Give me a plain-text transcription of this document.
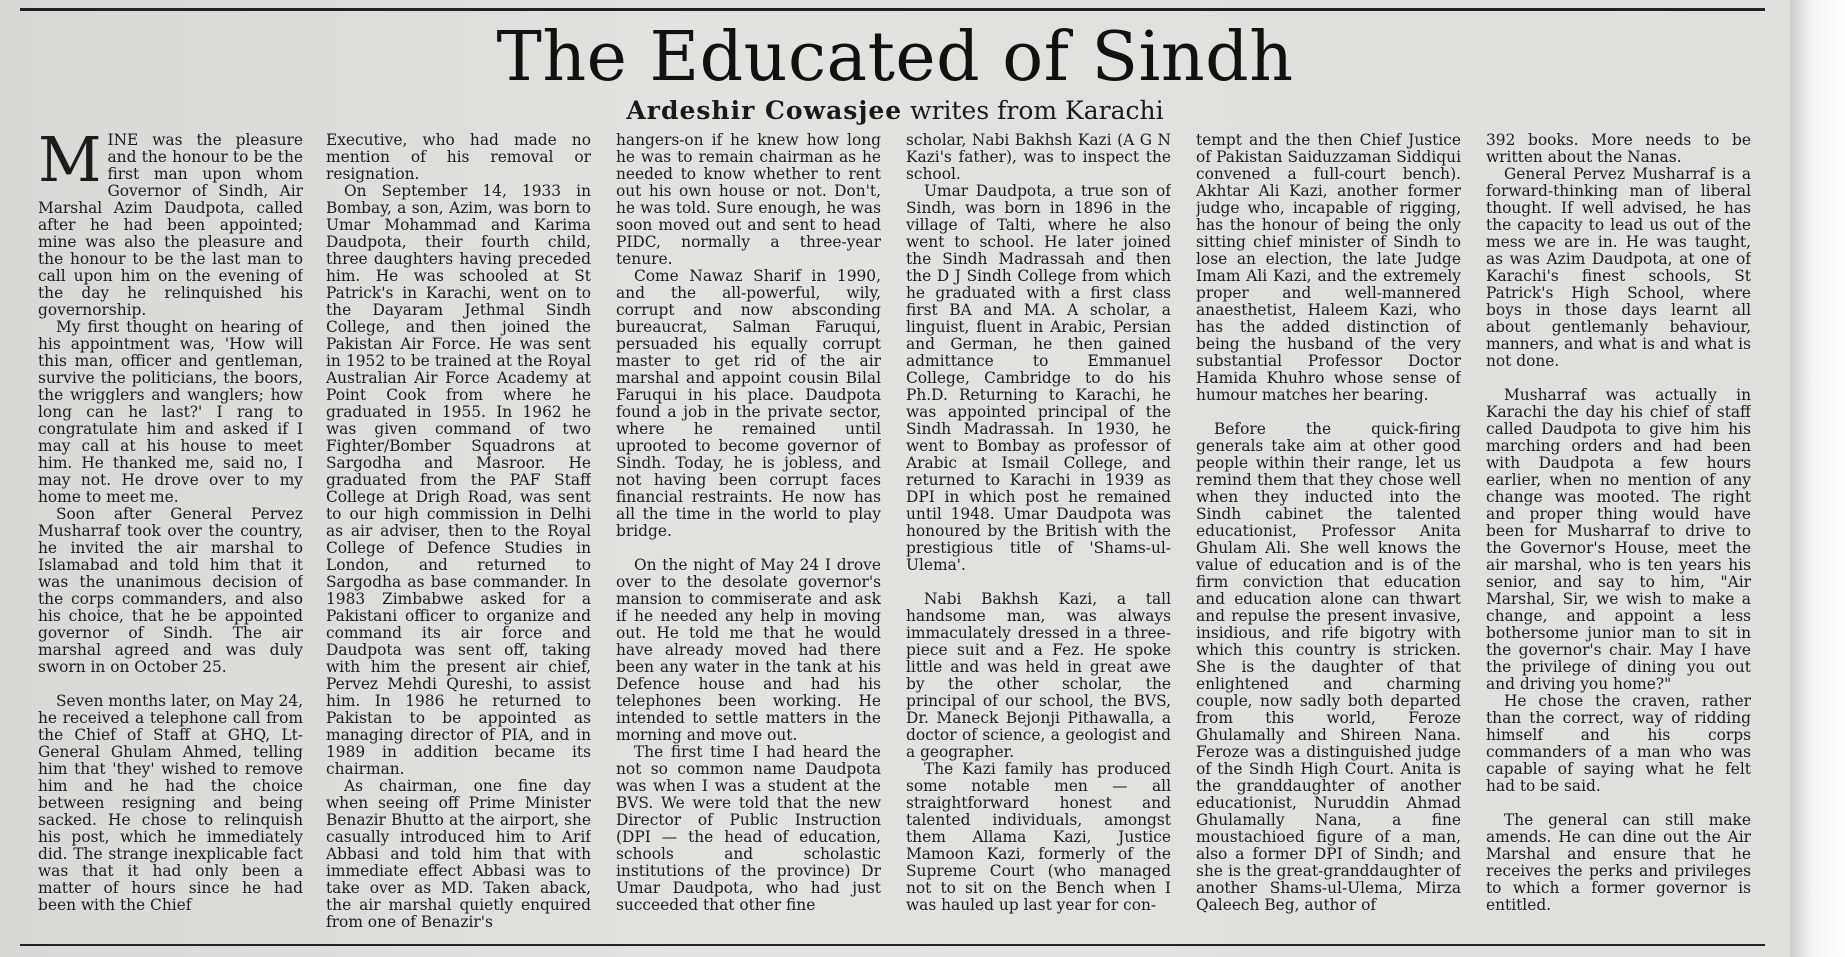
The Educated of Sindh
Ardeshir Cowasjee writes from Karachi

MINE was the pleasure and the honour to be the first man upon whom Governor of Sindh, Air Marshal Azim Daudpota, called after he had been appointed; mine was also the pleasure and the honour to be the last man to call upon him on the evening of the day he relinquished his governorship.

My first thought on hearing of his appointment was, 'How will this man, officer and gentleman, survive the politicians, the boors, the wrigglers and wanglers; how long can he last?' I rang to congratulate him and asked if I may call at his house to meet him. He thanked me, said no, I may not. He drove over to my home to meet me.

Soon after General Pervez Musharraf took over the country, he invited the air marshal to Islamabad and told him that it was the unanimous decision of the corps commanders, and also his choice, that he be appointed governor of Sindh. The air marshal agreed and was duly sworn in on October 25.

Seven months later, on May 24, he received a telephone call from the Chief of Staff at GHQ, Lt-General Ghulam Ahmed, telling him that 'they' wished to remove him and he had the choice between resigning and being sacked. He chose to relinquish his post, which he immediately did. The strange inexplicable fact was that it had only been a matter of hours since he had been with the Chief

Executive, who had made no mention of his removal or resignation.

On September 14, 1933 in Bombay, a son, Azim, was born to Umar Mohammad and Karima Daudpota, their fourth child, three daughters having preceded him. He was schooled at St Patrick's in Karachi, went on to the Dayaram Jethmal Sindh College, and then joined the Pakistan Air Force. He was sent in 1952 to be trained at the Royal Australian Air Force Academy at Point Cook from where he graduated in 1955. In 1962 he was given command of two Fighter/Bomber Squadrons at Sargodha and Masroor. He graduated from the PAF Staff College at Drigh Road, was sent to our high commission in Delhi as air adviser, then to the Royal College of Defence Studies in London, and returned to Sargodha as base commander. In 1983 Zimbabwe asked for a Pakistani officer to organize and command its air force and Daudpota was sent off, taking with him the present air chief, Pervez Mehdi Qureshi, to assist him. In 1986 he returned to Pakistan to be appointed as managing director of PIA, and in 1989 in addition became its chairman.

As chairman, one fine day when seeing off Prime Minister Benazir Bhutto at the airport, she casually introduced him to Arif Abbasi and told him that with immediate effect Abbasi was to take over as MD. Taken aback, the air marshal quietly enquired from one of Benazir's

hangers-on if he knew how long he was to remain chairman as he needed to know whether to rent out his own house or not. Don't, he was told. Sure enough, he was soon moved out and sent to head PIDC, normally a three-year tenure.

Come Nawaz Sharif in 1990, and the all-powerful, wily, corrupt and now absconding bureaucrat, Salman Faruqui, persuaded his equally corrupt master to get rid of the air marshal and appoint cousin Bilal Faruqui in his place. Daudpota found a job in the private sector, where he remained until uprooted to become governor of Sindh. Today, he is jobless, and not having been corrupt faces financial restraints. He now has all the time in the world to play bridge.

On the night of May 24 I drove over to the desolate governor's mansion to commiserate and ask if he needed any help in moving out. He told me that he would have already moved had there been any water in the tank at his Defence house and had his telephones been working. He intended to settle matters in the morning and move out.

The first time I had heard the not so common name Daudpota was when I was a student at the BVS. We were told that the new Director of Public Instruction (DPI — the head of education, schools and scholastic institutions of the province) Dr Umar Daudpota, who had just succeeded that other fine

scholar, Nabi Bakhsh Kazi (A G N Kazi's father), was to inspect the school.

Umar Daudpota, a true son of Sindh, was born in 1896 in the village of Talti, where he also went to school. He later joined the Sindh Madrassah and then the D J Sindh College from which he graduated with a first class first BA and MA. A scholar, a linguist, fluent in Arabic, Persian and German, he then gained admittance to Emmanuel College, Cambridge to do his Ph.D. Returning to Karachi, he was appointed principal of the Sindh Madrassah. In 1930, he went to Bombay as professor of Arabic at Ismail College, and returned to Karachi in 1939 as DPI in which post he remained until 1948. Umar Daudpota was honoured by the British with the prestigious title of 'Shams-ul-Ulema'.

Nabi Bakhsh Kazi, a tall handsome man, was always immaculately dressed in a three-piece suit and a Fez. He spoke little and was held in great awe by the other scholar, the principal of our school, the BVS, Dr. Maneck Bejonji Pithawalla, a doctor of science, a geologist and a geographer.

The Kazi family has produced some notable men — all straightforward honest and talented individuals, amongst them Allama Kazi, Justice Mamoon Kazi, formerly of the Supreme Court (who managed not to sit on the Bench when I was hauled up last year for con-

tempt and the then Chief Justice of Pakistan Saiduzzaman Siddiqui convened a full-court bench). Akhtar Ali Kazi, another former judge who, incapable of rigging, has the honour of being the only sitting chief minister of Sindh to lose an election, the late Judge Imam Ali Kazi, and the extremely proper and well-mannered anaesthetist, Haleem Kazi, who has the added distinction of being the husband of the very substantial Professor Doctor Hamida Khuhro whose sense of humour matches her bearing.

Before the quick-firing generals take aim at other good people within their range, let us remind them that they chose well when they inducted into the Sindh cabinet the talented educationist, Professor Anita Ghulam Ali. She well knows the value of education and is of the firm conviction that education and education alone can thwart and repulse the present invasive, insidious, and rife bigotry with which this country is stricken. She is the daughter of that enlightened and charming couple, now sadly both departed from this world, Feroze Ghulamally and Shireen Nana. Feroze was a distinguished judge of the Sindh High Court. Anita is the granddaughter of another educationist, Nuruddin Ahmad Ghulamally Nana, a fine moustachioed figure of a man, also a former DPI of Sindh; and she is the great-granddaughter of another Shams-ul-Ulema, Mirza Qaleech Beg, author of

392 books. More needs to be written about the Nanas.

General Pervez Musharraf is a forward-thinking man of liberal thought. If well advised, he has the capacity to lead us out of the mess we are in. He was taught, as was Azim Daudpota, at one of Karachi's finest schools, St Patrick's High School, where boys in those days learnt all about gentlemanly behaviour, manners, and what is and what is not done.

Musharraf was actually in Karachi the day his chief of staff called Daudpota to give him his marching orders and had been with Daudpota a few hours earlier, when no mention of any change was mooted. The right and proper thing would have been for Musharraf to drive to the Governor's House, meet the air marshal, who is ten years his senior, and say to him, "Air Marshal, Sir, we wish to make a change, and appoint a less bothersome junior man to sit in the governor's chair. May I have the privilege of dining you out and driving you home?"

He chose the craven, rather than the correct, way of ridding himself and his corps commanders of a man who was capable of saying what he felt had to be said.

The general can still make amends. He can dine out the Air Marshal and ensure that he receives the perks and privileges to which a former governor is entitled.
